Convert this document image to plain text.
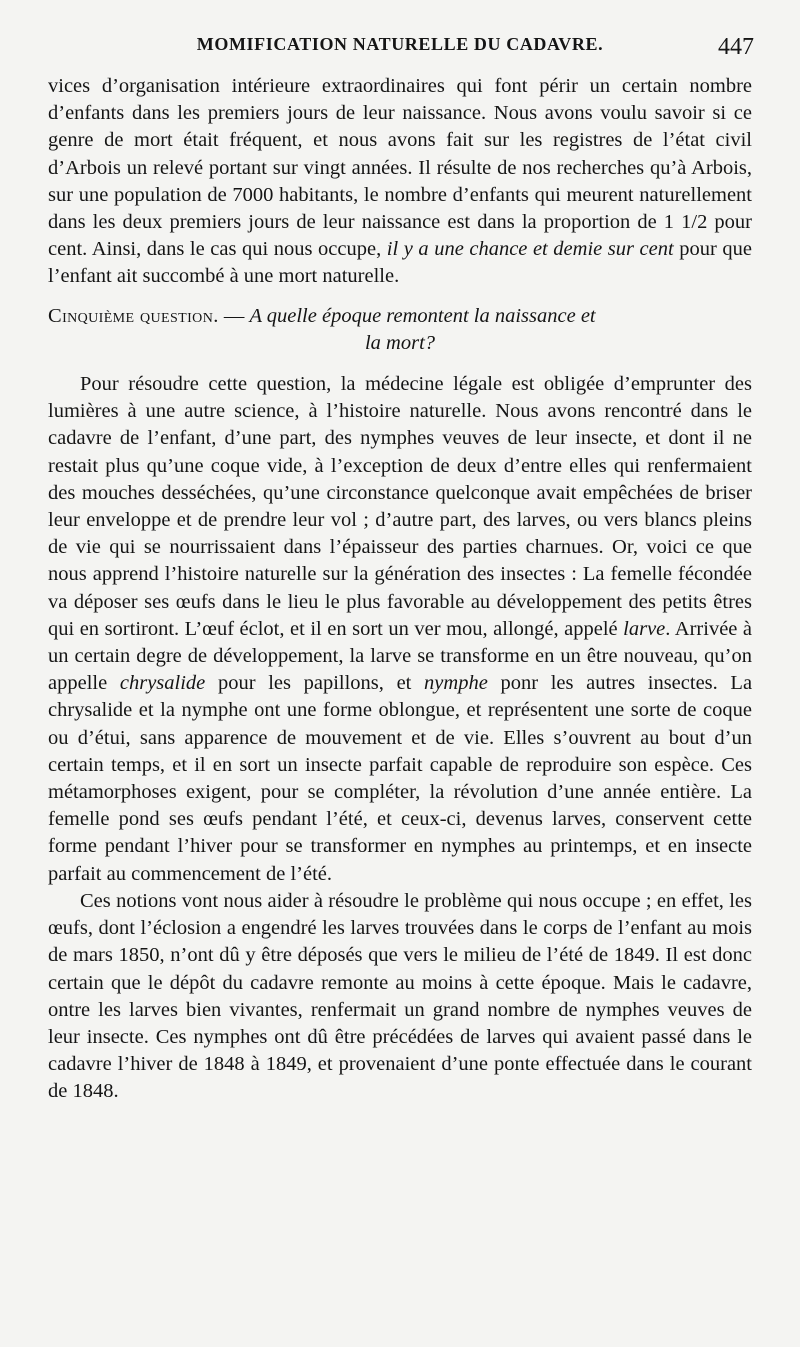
MOMIFICATION NATURELLE DU CADAVRE.	447

vices d’organisation intérieure extraordinaires qui font périr un certain nombre d’enfants dans les premiers jours de leur naissance. Nous avons voulu savoir si ce genre de mort était fréquent, et nous avons fait sur les registres de l’état civil d’Arbois un relevé portant sur vingt années. Il résulte de nos recherches qu’à Arbois, sur une population de 7000 habitants, le nombre d’enfants qui meurent naturellement dans les deux premiers jours de leur naissance est dans la proportion de 1 1/2 pour cent. Ainsi, dans le cas qui nous occupe, il y a une chance et demie sur cent pour que l’enfant ait succombé à une mort naturelle.

Cinquième question. — A quelle époque remontent la naissance et
la mort?

Pour résoudre cette question, la médecine légale est obligée d’emprunter des lumières à une autre science, à l’histoire naturelle. Nous avons rencontré dans le cadavre de l’enfant, d’une part, des nymphes veuves de leur insecte, et dont il ne restait plus qu’une coque vide, à l’exception de deux d’entre elles qui renfermaient des mouches desséchées, qu’une circonstance quelconque avait empêchées de briser leur enveloppe et de prendre leur vol ; d’autre part, des larves, ou vers blancs pleins de vie qui se nourrissaient dans l’épaisseur des parties charnues. Or, voici ce que nous apprend l’histoire naturelle sur la génération des insectes : La femelle fécondée va déposer ses œufs dans le lieu le plus favorable au développement des petits êtres qui en sortiront. L’œuf éclot, et il en sort un ver mou, allongé, appelé larve. Arrivée à un certain degre de développement, la larve se transforme en un être nouveau, qu’on appelle chrysalide pour les papillons, et nymphe ponr les autres insectes. La chrysalide et la nymphe ont une forme oblongue, et représentent une sorte de coque ou d’étui, sans apparence de mouvement et de vie. Elles s’ouvrent au bout d’un certain temps, et il en sort un insecte parfait capable de reproduire son espèce. Ces métamorphoses exigent, pour se compléter, la révolution d’une année entière. La femelle pond ses œufs pendant l’été, et ceux-ci, devenus larves, conservent cette forme pendant l’hiver pour se transformer en nymphes au printemps, et en insecte parfait au commencement de l’été.

Ces notions vont nous aider à résoudre le problème qui nous occupe ; en effet, les œufs, dont l’éclosion a engendré les larves trouvées dans le corps de l’enfant au mois de mars 1850, n’ont dû y être déposés que vers le milieu de l’été de 1849. Il est donc certain que le dépôt du cadavre remonte au moins à cette époque. Mais le cadavre, ontre les larves bien vivantes, renfermait un grand nombre de nymphes veuves de leur insecte. Ces nymphes ont dû être précédées de larves qui avaient passé dans le cadavre l’hiver de 1848 à 1849, et provenaient d’une ponte effectuée dans le courant de 1848.
